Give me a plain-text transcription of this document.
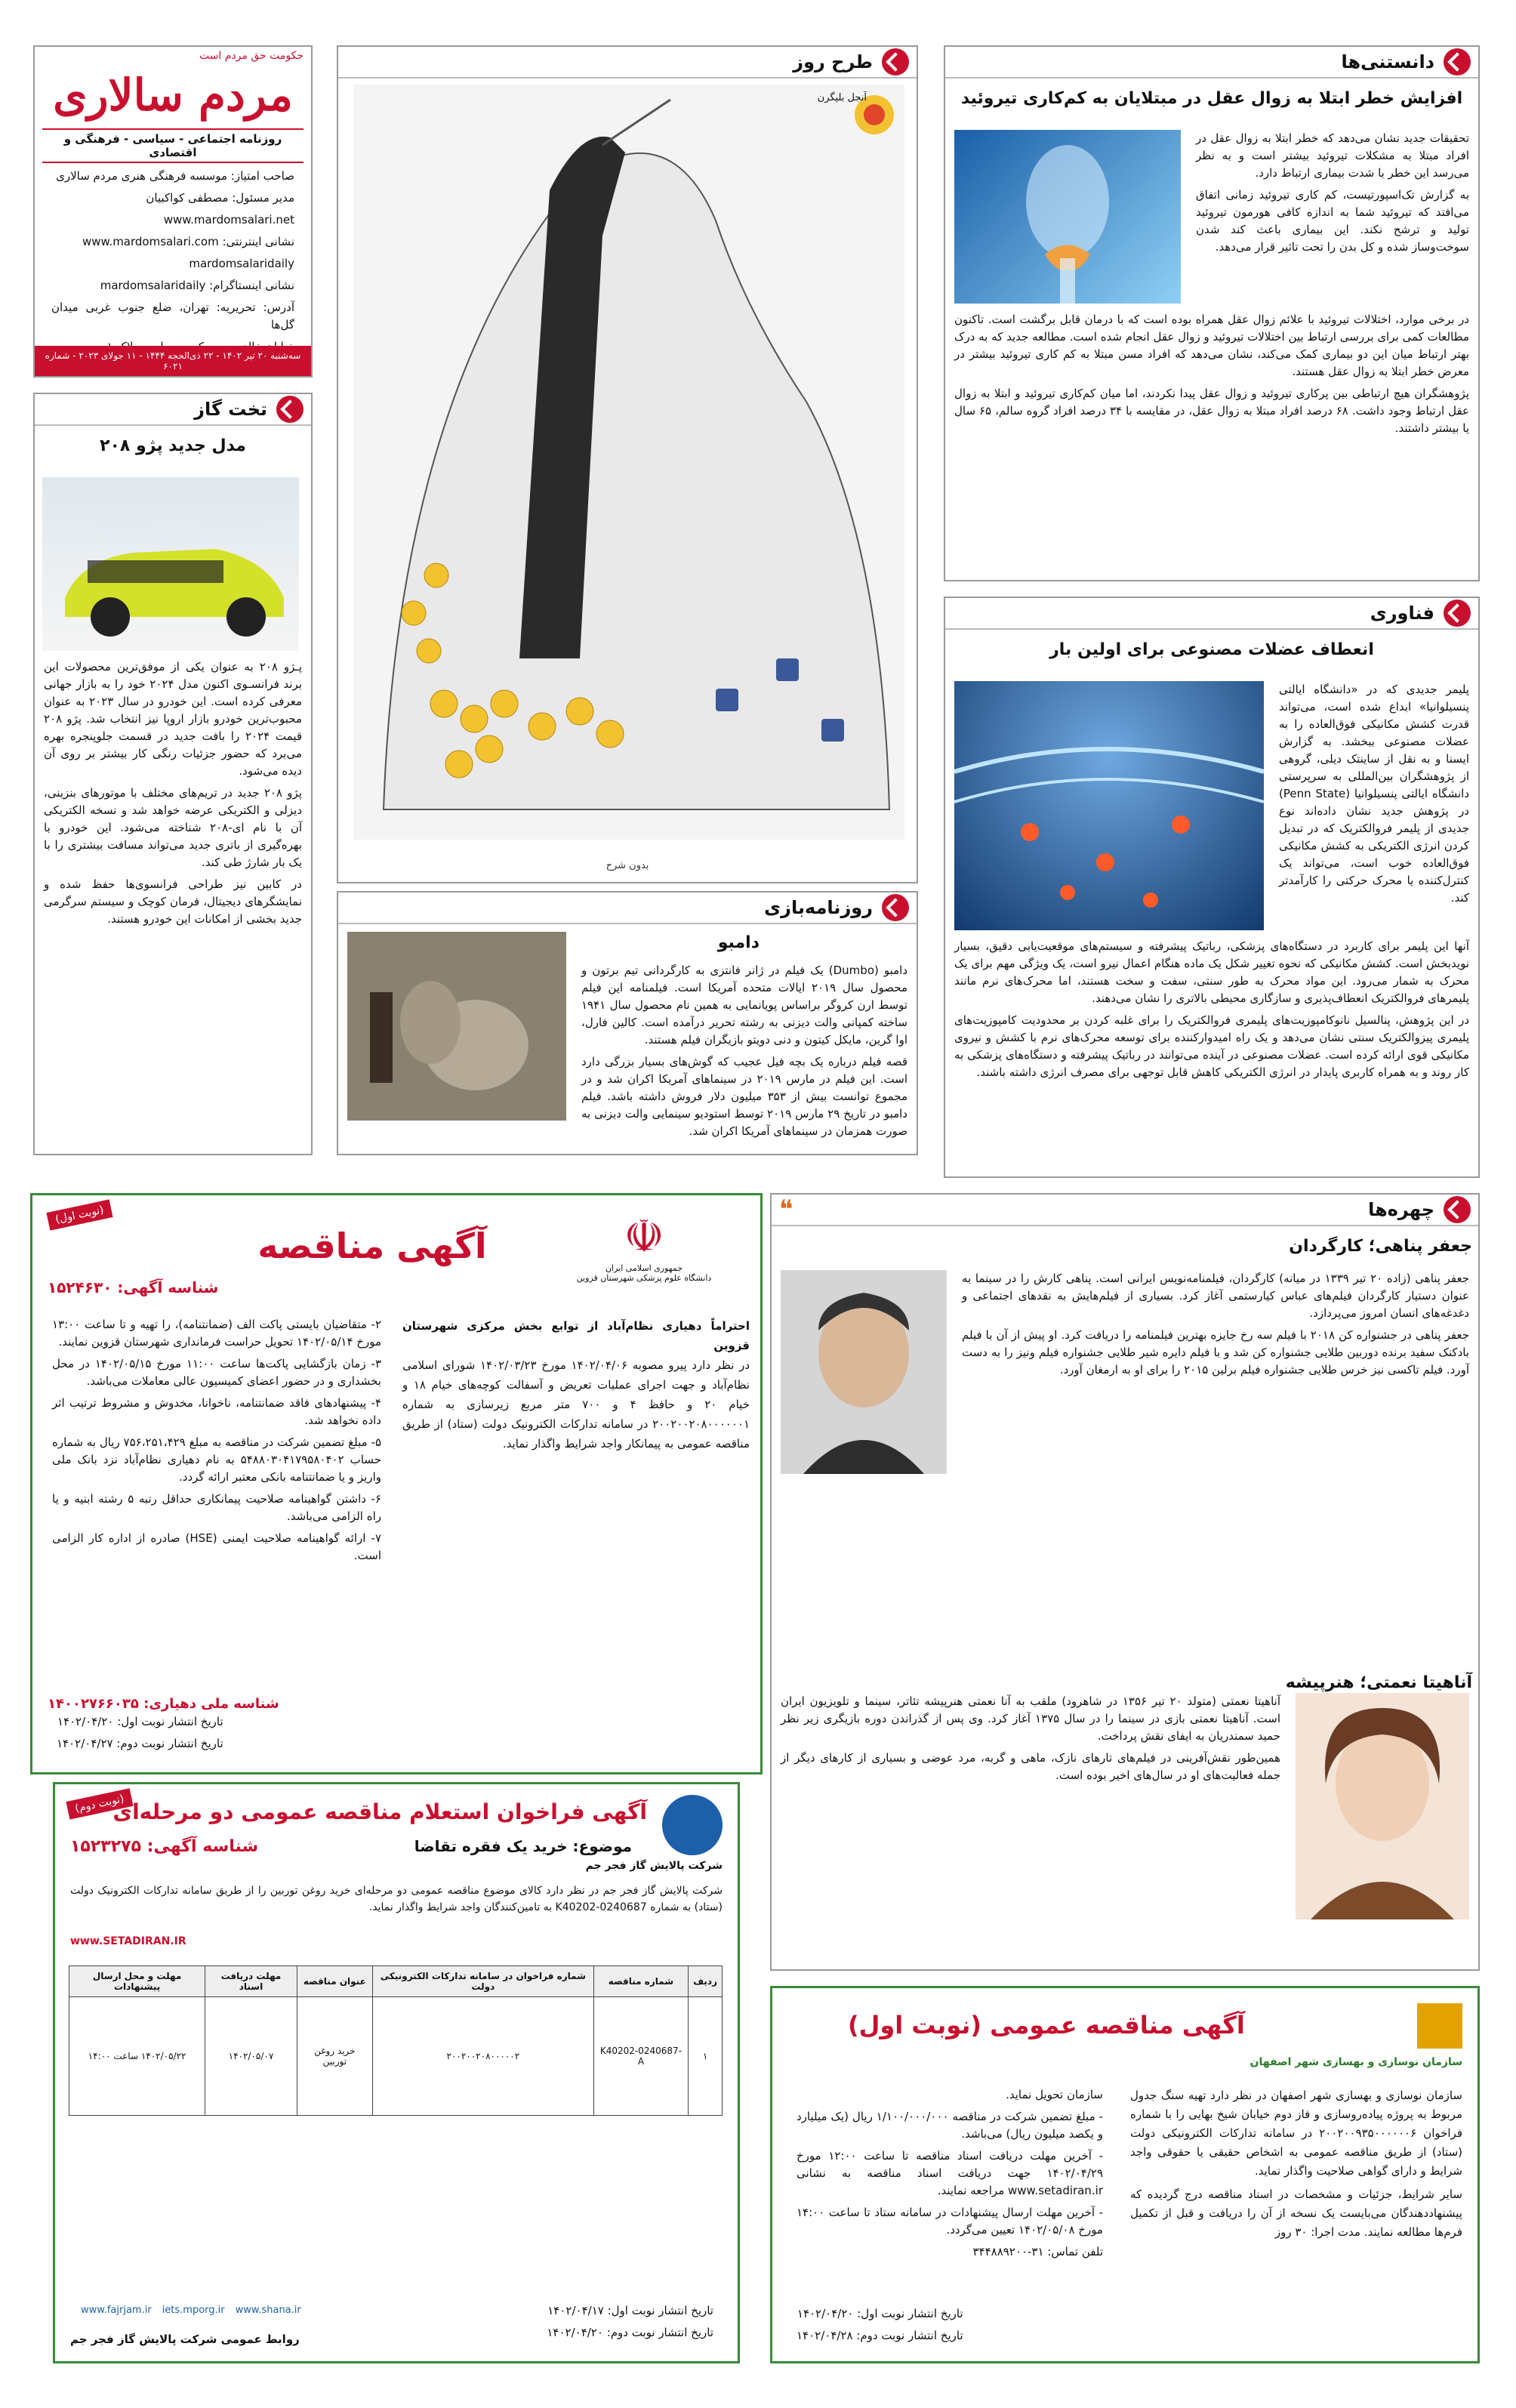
حکومت حق مردم است
مردم سالاری
روزنامه اجتماعی - سیاسی - فرهنگی و اقتصادی
صاحب امتیاز: موسسه فرهنگی هنری مردم سالاری
مدیر مسئول: مصطفی کواکبیان
www.mardomsalari.net
نشانی اینترنتی: www.mardomsalari.com
mardomsalaridaily
نشانی اینستاگرام: mardomsalaridaily
آدرس: تحریریه: تهران، ضلع جنوب غربی میدان گل‌ها
سه‌شنبه ۲۰ تیر ۱۴۰۲ - ۲۲ ذی‌الحجه ۱۴۴۴ - ۱۱ جولای ۲۰۲۳ - شماره ۶۰۲۱
دانستنی‌ها
افزایش خطر ابتلا به زوال عقل در مبتلایان به کم‌کاری تیروئید
تحقیقات جدید نشان می‌دهد که خطر ابتلا به زوال عقل در افراد مبتلا به مشکلات تیروئید بیشتر است و به نظر می‌رسد این خطر با شدت بیماری ارتباط دارد.
به گزارش تک‌اسپورتیست، کم کاری تیروئید زمانی اتفاق می‌افتد که تیروئید شما به اندازه کافی هورمون تیروئید تولید و ترشح نکند. این بیماری باعث کند شدن سوخت‌وساز شده و کل بدن را تحت تاثیر قرار می‌دهد.
در برخی موارد، اختلالات تیروئید با علائم زوال عقل همراه بوده است که با درمان قابل برگشت است. تاکنون مطالعات کمی برای بررسی ارتباط بین اختلالات تیروئید و زوال عقل انجام شده است. مطالعه جدید که به درک بهتر ارتباط میان این دو بیماری کمک می‌کند، نشان می‌دهد که افراد مسن مبتلا به کم کاری تیروئید بیشتر در معرض خطر ابتلا به زوال عقل هستند.
پژوهشگران هیچ ارتباطی بین پرکاری تیروئید و زوال عقل پیدا نکردند، اما میان کم‌کاری تیروئید و ابتلا به زوال عقل ارتباط وجود داشت. ۶۸ درصد افراد مبتلا به زوال عقل، در مقایسه با ۳۴ درصد افراد گروه سالم، ۶۵ سال یا بیشتر داشتند.
طرح روز
آنجل بلیگرن
بدون شرح
تخت گاز
مدل جدید پژو ۲۰۸
پـژو ۲۰۸ به عنوان یکی از موفق‌ترین محصولات این برند فرانسـوی اکنون مدل ۲۰۲۴ خود را به بازار جهانی معرفی کرده است. این خودرو در سال ۲۰۲۳ به عنوان محبوب‌ترین خودرو بازار اروپا نیز انتخاب شد. پژو ۲۰۸ قیمت ۲۰۲۴ را بافت جدید در قسمت جلوپنجره بهره می‌برد که حضور جزئیات رنگی کار بیشتر بر روی آن دیده می‌شود.
پژو ۲۰۸ جدید در تریم‌های مختلف با موتورهای بنزینی، دیزلی و الکتریکی عرضه خواهد شد و نسخه الکتریکی آن با نام ای-۲۰۸ شناخته می‌شود. این خودرو با بهره‌گیری از باتری جدید می‌تواند مسافت بیشتری را با یک بار شارژ طی کند.
در کابین نیز طراحی فرانسوی‌ها حفظ شده و نمایشگرهای دیجیتال، فرمان کوچک و سیستم سرگرمی جدید بخشی از امکانات این خودرو هستند.
فناوری
انعطاف عضلات مصنوعی برای اولین بار
پلیمر جدیدی که در «دانشگاه ایالتی پنسیلوانیا» ابداع شده است، می‌تواند قدرت کشش مکانیکی فوق‌العاده را به عضلات مصنوعی ببخشد. به گزارش ایسنا و به نقل از ساینتک دیلی، گروهی از پژوهشگران بین‌المللی به سرپرستی دانشگاه ایالتی پنسیلوانیا (Penn State) در پژوهش جدید نشان داده‌اند نوع جدیدی از پلیمر فروالکتریک که در تبدیل کردن انرژی الکتریکی به کشش مکانیکی فوق‌العاده خوب است، می‌تواند یک کنترل‌کننده یا محرک حرکتی را کارآمدتر کند.
آنها این پلیمر برای کاربرد در دستگاه‌های پزشکی، رباتیک پیشرفته و سیستم‌های موقعیت‌یابی دقیق، بسیار نویدبخش است. کشش مکانیکی که نحوه تغییر شکل یک ماده هنگام اعمال نیرو است، یک ویژگی مهم برای یک محرک به شمار می‌رود. این مواد محرک به طور سنتی، سفت و سخت هستند، اما محرک‌های نرم مانند پلیمرهای فروالکتریک انعطاف‌پذیری و سازگاری محیطی بالاتری را نشان می‌دهند.
در این پژوهش، پنالسیل نانوکامپوزیت‌های پلیمری فروالکتریک را برای غلبه کردن بر محدودیت کامپوزیت‌های پلیمری پیزوالکتریک سنتی نشان می‌دهد و یک راه امیدوارکننده برای توسعه محرک‌های نرم با کشش و نیروی مکانیکی قوی ارائه کرده است. عضلات مصنوعی در آینده می‌توانند در رباتیک پیشرفته و دستگاه‌های پزشکی به کار روند و به همراه کاربری پایدار در انرژی الکتریکی کاهش قابل توجهی برای مصرف انرژی داشته باشند.
روزنامه‌بازی
دامبو
دامبو (Dumbo) یک فیلم در ژانر فانتزی به کارگردانی تیم برتون و محصول سال ۲۰۱۹ ایالات متحده آمریکا است. فیلمنامه این فیلم توسط ارن کروگر براساس پویانمایی به همین نام محصول سال ۱۹۴۱ ساخته کمپانی والت دیزنی به رشته تحریر درآمده است. کالین فارل، اوا گرین، مایکل کیتون و دنی دویتو بازیگران فیلم هستند.
قصه فیلم درباره یک بچه فیل عجیب که گوش‌های بسیار بزرگی دارد است. این فیلم در مارس ۲۰۱۹ در سینماهای آمریکا اکران شد و در مجموع توانست بیش از ۳۵۳ میلیون دلار فروش داشته باشد. فیلم دامبو در تاریخ ۲۹ مارس ۲۰۱۹ توسط استودیو سینمایی والت دیزنی به صورت همزمان در سینماهای آمریکا اکران شد.
(نوبت اول)
آگهی مناقصه	☫
جمهوری اسلامی ایران
دانشگاه علوم پزشکی شهرستان قزوین
شناسه آگهی: ۱۵۲۴۶۳۰
احتراماً دهیاری نظام‌آباد از توابع بخش مرکزی شهرستان قزوین
در نظر دارد پیرو مصوبه ۱۴۰۲/۰۴/۰۶ مورخ ۱۴۰۲/۰۳/۲۳ شورای اسلامی نظام‌آباد و جهت اجرای عملیات تعریض و آسفالت کوچه‌های خیام ۱۸ و خیام ۲۰ و حافظ ۴ و ۷۰۰ متر مربع زیرسازی به شماره ۲۰۰۲۰۰۲۰۸۰۰۰۰۰۰۱ در سامانه تدارکات الکترونیک دولت (ستاد) از طریق مناقصه عمومی به پیمانکار واجد شرایط واگذار نماید.
۲- متقاضیان بایستی پاکت الف (ضمانتنامه)، را تهیه و تا ساعت ۱۳:۰۰ مورخ ۱۴۰۲/۰۵/۱۴ تحویل حراست فرمانداری شهرستان قزوین نمایند.
۳- زمان بازگشایی پاکت‌ها ساعت ۱۱:۰۰ مورخ ۱۴۰۲/۰۵/۱۵ در محل بخشداری و در حضور اعضای کمیسیون عالی معاملات می‌باشد.
۴- پیشنهادهای فاقد ضمانتنامه، ناخوانا، مخدوش و مشروط ترتیب اثر داده نخواهد شد.
۵- مبلغ تضمین شرکت در مناقصه به مبلغ ۷۵۶،۲۵۱،۴۲۹ ریال به شماره حساب ۵۴۸۸۰۳۰۴۱۷۹۵۸۰۴۰۲ به نام دهیاری نظام‌آباد نزد بانک ملی واریز و یا ضمانتنامه بانکی معتبر ارائه گردد.
۶- داشتن گواهینامه صلاحیت پیمانکاری حداقل رتبه ۵ رشته ابنیه و یا راه الزامی می‌باشد.
۷- ارائه گواهینامه صلاحیت ایمنی (HSE) صادره از اداره کار الزامی است.
شناسه ملی دهیاری: ۱۴۰۰۲۷۶۶۰۳۵
تاریخ انتشار نوبت اول: ۱۴۰۲/۰۴/۲۰
تاریخ انتشار نوبت دوم: ۱۴۰۲/۰۴/۲۷
چهره‌ها
❝
جعفر پناهی؛ کارگردان
جعفر پناهی (زاده ۲۰ تیر ۱۳۳۹ در میانه) کارگردان، فیلمنامه‌نویس ایرانی است. پناهی کارش را در سینما به عنوان دستیار کارگردان فیلم‌های عباس کیارستمی آغاز کرد. بسیاری از فیلم‌هایش به نقدهای اجتماعی و دغدغه‌های انسان امروز می‌پردازد.
جعفر پناهی در جشنواره کن ۲۰۱۸ با فیلم سه رخ جایزه بهترین فیلمنامه را دریافت کرد. او پیش از آن با فیلم بادکنک سفید برنده دوربین طلایی جشنواره کن شد و با فیلم دایره شیر طلایی جشنواره فیلم ونیز را به دست آورد. فیلم تاکسی نیز خرس طلایی جشنواره فیلم برلین ۲۰۱۵ را برای او به ارمغان آورد.
آناهیتا نعمتی؛ هنرپیشه
آناهیتا نعمتی (متولد ۲۰ تیر ۱۳۵۶ در شاهرود) ملقب به آنا نعمتی هنرپیشه تئاتر، سینما و تلویزیون ایران است. آناهیتا نعمتی بازی در سینما را در سال ۱۳۷۵ آغاز کرد. وی پس از گذراندن دوره بازیگری زیر نظر حمید سمندریان به ایفای نقش پرداخت.
همین‌طور نقش‌آفرینی در فیلم‌های تارهای نازک، ماهی و گربه، مرد عوضی و بسیاری از کارهای دیگر از جمله فعالیت‌های او در سال‌های اخیر بوده است.
(نوبت دوم)
آگهی فراخوان استعلام مناقصه عمومی دو مرحله‌ای
موضوع: خرید یک فقره تقاضا
شناسه آگهی: ۱۵۲۳۲۷۵
شرکت پالایش گاز فجر جم
شرکت پالایش گاز فجر جم در نظر دارد کالای موضوع مناقصه عمومی دو مرحله‌ای خرید روغن توربین را از طریق سامانه تدارکات الکترونیک دولت (ستاد) به شماره K40202-0240687 به تامین‌کنندگان واجد شرایط واگذار نماید.
www.SETADIRAN.IR
ردیف	شماره مناقصه	شماره فراخوان در سامانه تدارکات الکترونیکی دولت	عنوان مناقصه	مهلت دریافت اسناد	مهلت و محل ارسال پیشنهادات
۱	K40202-0240687-A	۲۰۰۲۰۰۲۰۸۰۰۰۰۰۲	خرید روغن توربین	۱۴۰۲/۰۵/۰۷	۱۴۰۲/۰۵/۲۲ ساعت ۱۴:۰۰
روابط عمومی شرکت پالایش گاز فجر جم
www.fajrjam.ir iets.mporg.ir www.shana.ir	تاریخ انتشار نوبت اول: ۱۴۰۲/۰۴/۱۷
تاریخ انتشار نوبت دوم: ۱۴۰۲/۰۴/۲۰
سازمان نوسازی و بهسازی شهر اصفهان
آگهی مناقصه عمومی (نوبت اول)
سازمان نوسازی و بهسازی شهر اصفهان در نظر دارد تهیه سنگ جدول مربوط به پروژه پیاده‌روسازی و فاز دوم خیابان شیخ بهایی را با شماره فراخوان ۲۰۰۲۰۰۹۳۵۰۰۰۰۰۰۶ در سامانه تدارکات الکترونیکی دولت (ستاد) از طریق مناقصه عمومی به اشخاص حقیقی یا حقوقی واجد شرایط و دارای گواهی صلاحیت واگذار نماید.
سایر شرایط، جزئیات و مشخصات در اسناد مناقصه درج گردیده که پیشنهاددهندگان می‌بایست یک نسخه از آن را دریافت و قبل از تکمیل فرم‌ها مطالعه نمایند. مدت اجرا: ۳۰ روز
سازمان تحویل نماید.
- مبلغ تضمین شرکت در مناقصه ۱/۱۰۰/۰۰۰/۰۰۰ ریال (یک میلیارد و یکصد میلیون ریال) می‌باشد.
- آخرین مهلت دریافت اسناد مناقصه تا ساعت ۱۲:۰۰ مورخ ۱۴۰۲/۰۴/۲۹ جهت دریافت اسناد مناقصه به نشانی www.setadiran.ir مراجعه نمایند.
- آخرین مهلت ارسال پیشنهادات در سامانه ستاد تا ساعت ۱۴:۰۰ مورخ ۱۴۰۲/۰۵/۰۸ تعیین می‌گردد.
تلفن تماس: ۳۱-۳۴۴۸۸۹۲۰۰
تاریخ انتشار نوبت اول: ۱۴۰۲/۰۴/۲۰
تاریخ انتشار نوبت دوم: ۱۴۰۲/۰۴/۲۸
